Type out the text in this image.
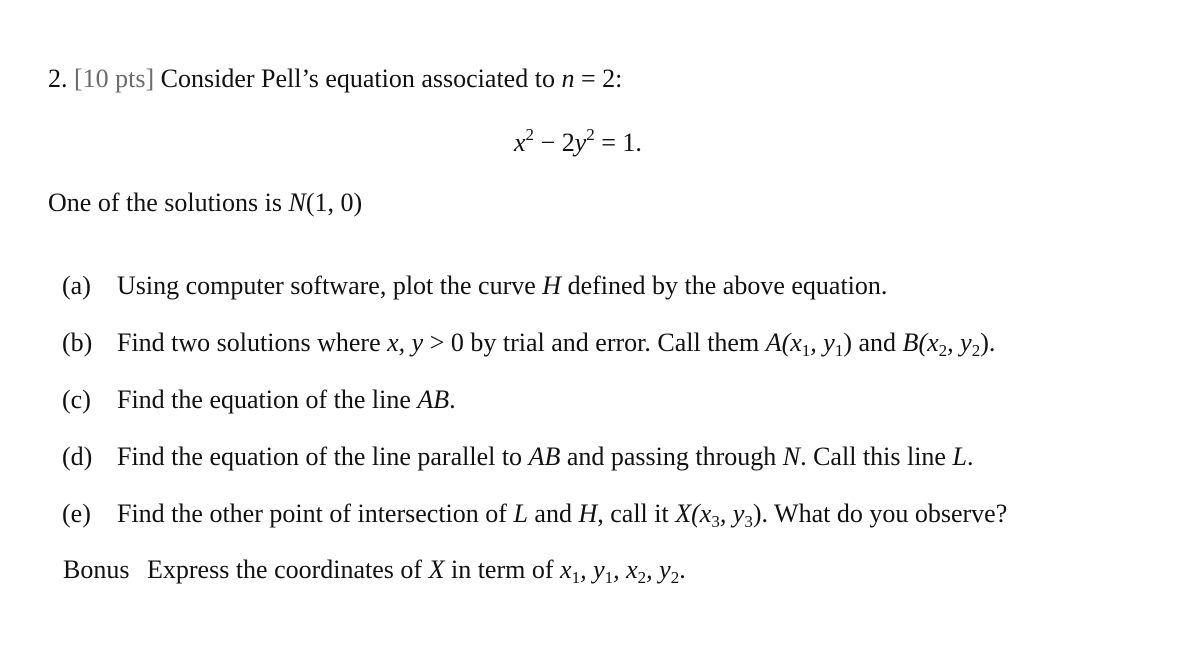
2. [10 pts] Consider Pell’s equation associated to n = 2:
$x^2 - 2y^2 = 1$.
One of the solutions is N(1, 0)
(a) Using computer software, plot the curve H defined by the above equation.
(b) Find two solutions where x, y > 0 by trial and error. Call them $A(x_1$, $y_1$) and $B(x_2$, $y_2$).
(c) Find the equation of the line AB.
(d) Find the equation of the line parallel to AB and passing through N. Call this line L.
(e) Find the other point of intersection of L and H, call it $X(x_3$, $y_3$). What do you observe?
Bonus Express the coordinates of X in term of $x_1$, $y_1$, $x_2$, $y_2$.
